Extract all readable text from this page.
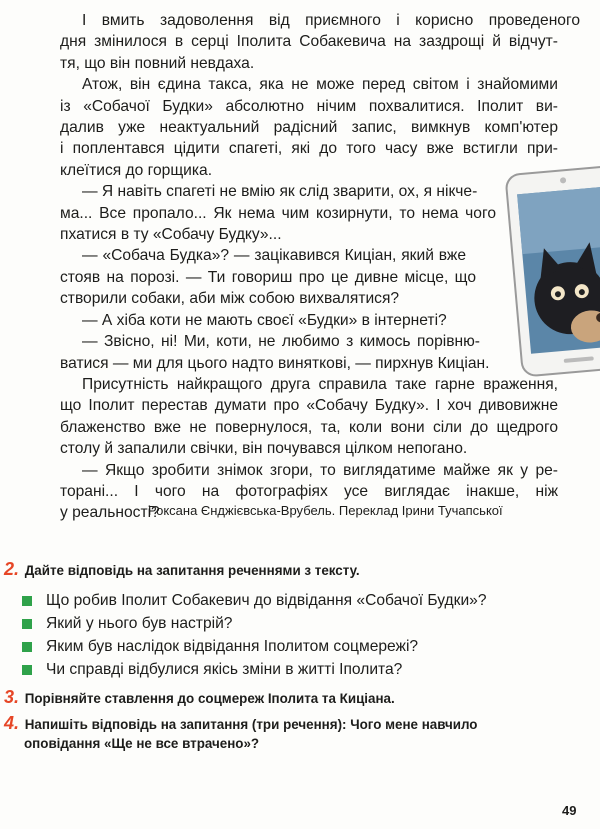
І вмить задоволення від приємного і корисно проведеного
дня змінилося в серці Іполита Собакевича на заздрощі й відчут-
тя, що він повний невдаха.

Атож, він єдина такса, яка не може перед світом і знайомими
із «Собачої Будки» абсолютно нічим похвалитися. Іполит ви-
далив уже неактуальний радісний запис, вимкнув комп'ютер
і поплентався цідити спагеті, які до того часу вже встигли при-
клеїтися до горщика.

— Я навіть спагеті не вмію як слід зварити, ох, я нікче-
ма... Все пропало... Як нема чим козирнути, то нема чого
пхатися в ту «Собачу Будку»...

— «Собача Будка»? — зацікавився Киціан, який вже
стояв на порозі. — Ти говориш про це дивне місце, що
створили собаки, аби між собою вихвалятися?

— А хіба коти не мають своєї «Будки» в інтернеті?

— Звісно, ні! Ми, коти, не любимо з кимось порівню-
ватися — ми для цього надто виняткові, — пирхнув Киціан.

Присутність найкращого друга справила таке гарне враження,
що Іполит перестав думати про «Собачу Будку». І хоч дивовижне
блаженство вже не повернулося, та, коли вони сіли до щедрого
столу й запалили свічки, він почувався цілком непогано.

— Якщо зробити знімок згори, то виглядатиме майже як у ре-
торані... І чого на фотографіях усе виглядає інакше, ніж
у реальності?

Роксана Єнджієвська-Врубель. Переклад Ірини Тучапської
2. Дайте відповідь на запитання реченнями з тексту.
Що робив Іполит Собакевич до відвідання «Собачої Будки»?
Який у нього був настрій?
Яким був наслідок відвідання Іполитом соцмережі?
Чи справді відбулися якісь зміни в житті Іполита?
3. Порівняйте ставлення до соцмереж Іполита та Киціана.
4. Напишіть відповідь на запитання (три речення): Чого мене навчило
оповідання «Ще не все втрачено»?
49
